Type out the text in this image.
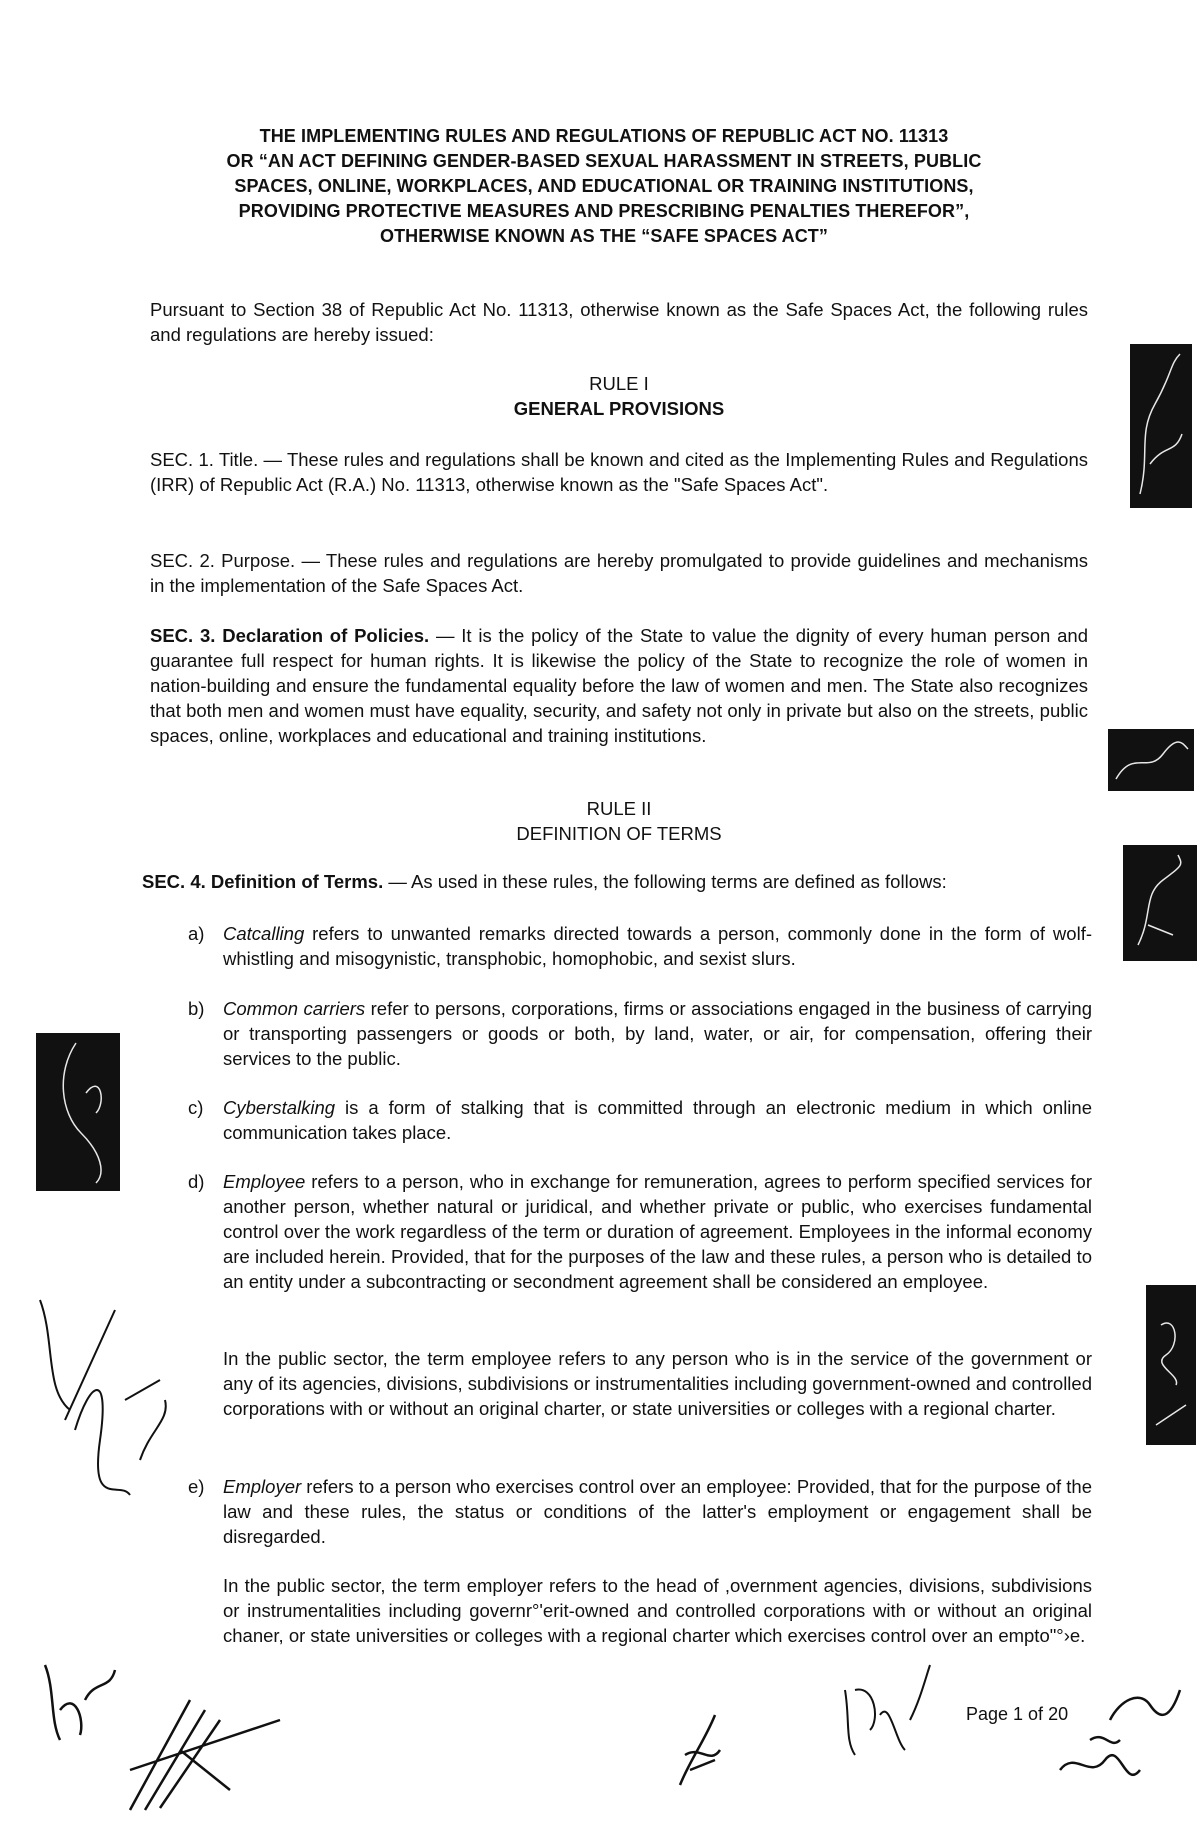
THE IMPLEMENTING RULES AND REGULATIONS OF REPUBLIC ACT NO. 11313
OR “AN ACT DEFINING GENDER-BASED SEXUAL HARASSMENT IN STREETS, PUBLIC
SPACES, ONLINE, WORKPLACES, AND EDUCATIONAL OR TRAINING INSTITUTIONS,
PROVIDING PROTECTIVE MEASURES AND PRESCRIBING PENALTIES THEREFOR”,
OTHERWISE KNOWN AS THE “SAFE SPACES ACT”
Pursuant to Section 38 of Republic Act No. 11313, otherwise known as the Safe Spaces Act, the following rules and regulations are hereby issued:
RULE I
GENERAL PROVISIONS
SEC. 1. Title. — These rules and regulations shall be known and cited as the Implementing Rules and Regulations (IRR) of Republic Act (R.A.) No. 11313, otherwise known as the "Safe Spaces Act".
SEC. 2. Purpose. — These rules and regulations are hereby promulgated to provide guidelines and mechanisms in the implementation of the Safe Spaces Act.
SEC. 3. Declaration of Policies. — It is the policy of the State to value the dignity of every human person and guarantee full respect for human rights. It is likewise the policy of the State to recognize the role of women in nation-building and ensure the fundamental equality before the law of women and men. The State also recognizes that both men and women must have equality, security, and safety not only in private but also on the streets, public spaces, online, workplaces and educational and training institutions.
RULE II
DEFINITION OF TERMS
SEC. 4. Definition of Terms. — As used in these rules, the following terms are defined as follows:
a)	Catcalling refers to unwanted remarks directed towards a person, commonly done in the form of wolf-whistling and misogynistic, transphobic, homophobic, and sexist slurs.
b)	Common carriers refer to persons, corporations, firms or associations engaged in the business of carrying or transporting passengers or goods or both, by land, water, or air, for compensation, offering their services to the public.
c)	Cyberstalking is a form of stalking that is committed through an electronic medium in which online communication takes place.
d)	Employee refers to a person, who in exchange for remuneration, agrees to perform specified services for another person, whether natural or juridical, and whether private or public, who exercises fundamental control over the work regardless of the term or duration of agreement. Employees in the informal economy are included herein. Provided, that for the purposes of the law and these rules, a person who is detailed to an entity under a subcontracting or secondment agreement shall be considered an employee.
In the public sector, the term employee refers to any person who is in the service of the government or any of its agencies, divisions, subdivisions or instrumentalities including government-owned and controlled corporations with or without an original charter, or state universities or colleges with a regional charter.
e)	Employer refers to a person who exercises control over an employee: Provided, that for the purpose of the law and these rules, the status or conditions of the latter's employment or engagement shall be disregarded.
In the public sector, the term employer refers to the head of ,overnment agencies, divisions, subdivisions or instrumentalities including governr°'erit-owned and controlled corporations with or without an original chaner, or state universities or colleges with a regional charter which exercises control over an empto"°›e.
Page 1 of 20
